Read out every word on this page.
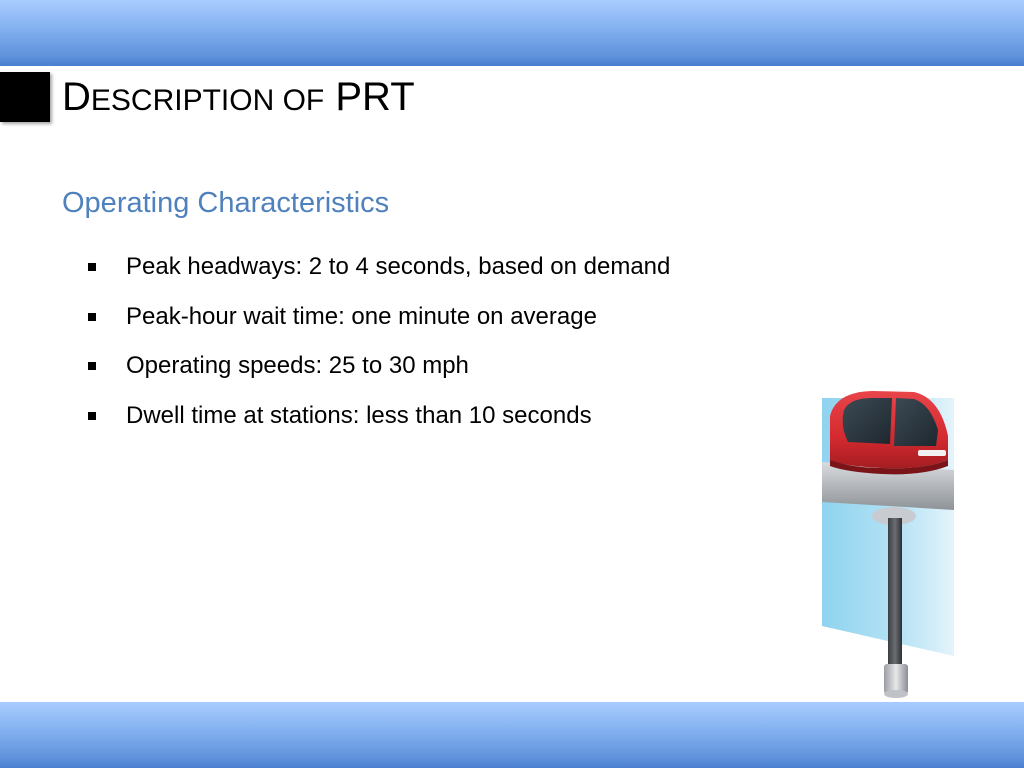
DESCRIPTION OF PRT
Operating Characteristics
Peak headways: 2 to 4 seconds, based on demand
Peak-hour wait time: one minute on average
Operating speeds: 25 to 30 mph
Dwell time at stations: less than 10 seconds
